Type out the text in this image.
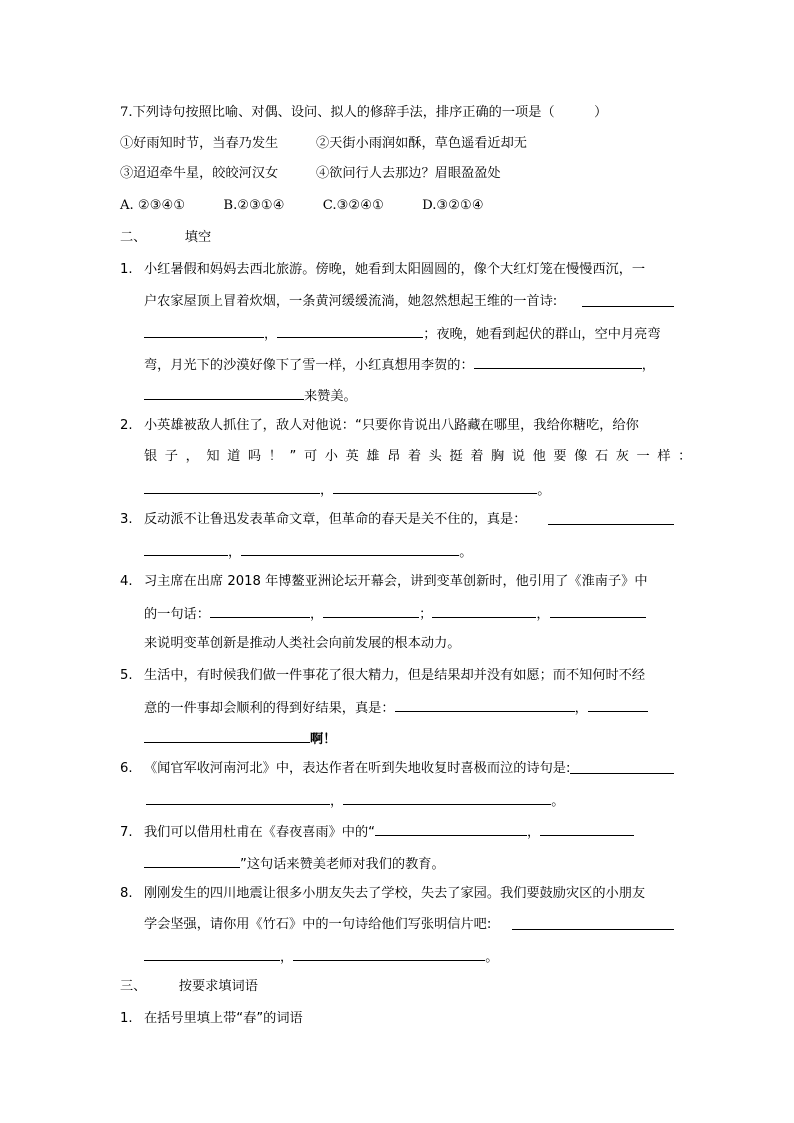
7.下列诗句按照比喻、对偶、设问、拟人的修辞手法，排序正确的一项是（　　　）
①好雨知时节，当春乃发生	②天街小雨润如酥，草色遥看近却无
③迢迢牵牛星，皎皎河汉女	④欲问行人去那边？眉眼盈盈处
A. ②③④①	B.②③①④	C.③②④①	D.③②①④
二、	填空
1. 小红暑假和妈妈去西北旅游。傍晚，她看到太阳圆圆的，像个大红灯笼在慢慢西沉，一
户农家屋顶上冒着炊烟，一条黄河缓缓流淌，她忽然想起王维的一首诗:
，	；夜晚，她看到起伏的群山，空中月亮弯
弯，月光下的沙漠好像下了雪一样，小红真想用李贺的：	，
来赞美。
2. 小英雄被敌人抓住了，敌人对他说：“只要你肯说出八路藏在哪里，我给你糖吃，给你
银子，知道吗！”可小英雄昂着头挺着胸说他要像石灰一样：
，	。
3. 反动派不让鲁迅发表革命文章，但革命的春天是关不住的，真是：
，	。
4. 习主席在出席 2018 年博鳌亚洲论坛开幕会，讲到变革创新时，他引用了《淮南子》中
的一句话：	，	；	，
来说明变革创新是推动人类社会向前发展的根本动力。
5. 生活中，有时候我们做一件事花了很大精力，但是结果却并没有如愿；而不知何时不经
意的一件事却会顺利的得到好结果，真是：	，
啊！
6. 《闻官军收河南河北》中，表达作者在听到失地收复时喜极而泣的诗句是:
，	。
7. 我们可以借用杜甫在《春夜喜雨》中的“	，
”这句话来赞美老师对我们的教育。
8. 刚刚发生的四川地震让很多小朋友失去了学校，失去了家园。我们要鼓励灾区的小朋友
学会坚强，请你用《竹石》中的一句诗给他们写张明信片吧:
，	。
三、 按要求填词语
1. 在括号里填上带“春”的词语
